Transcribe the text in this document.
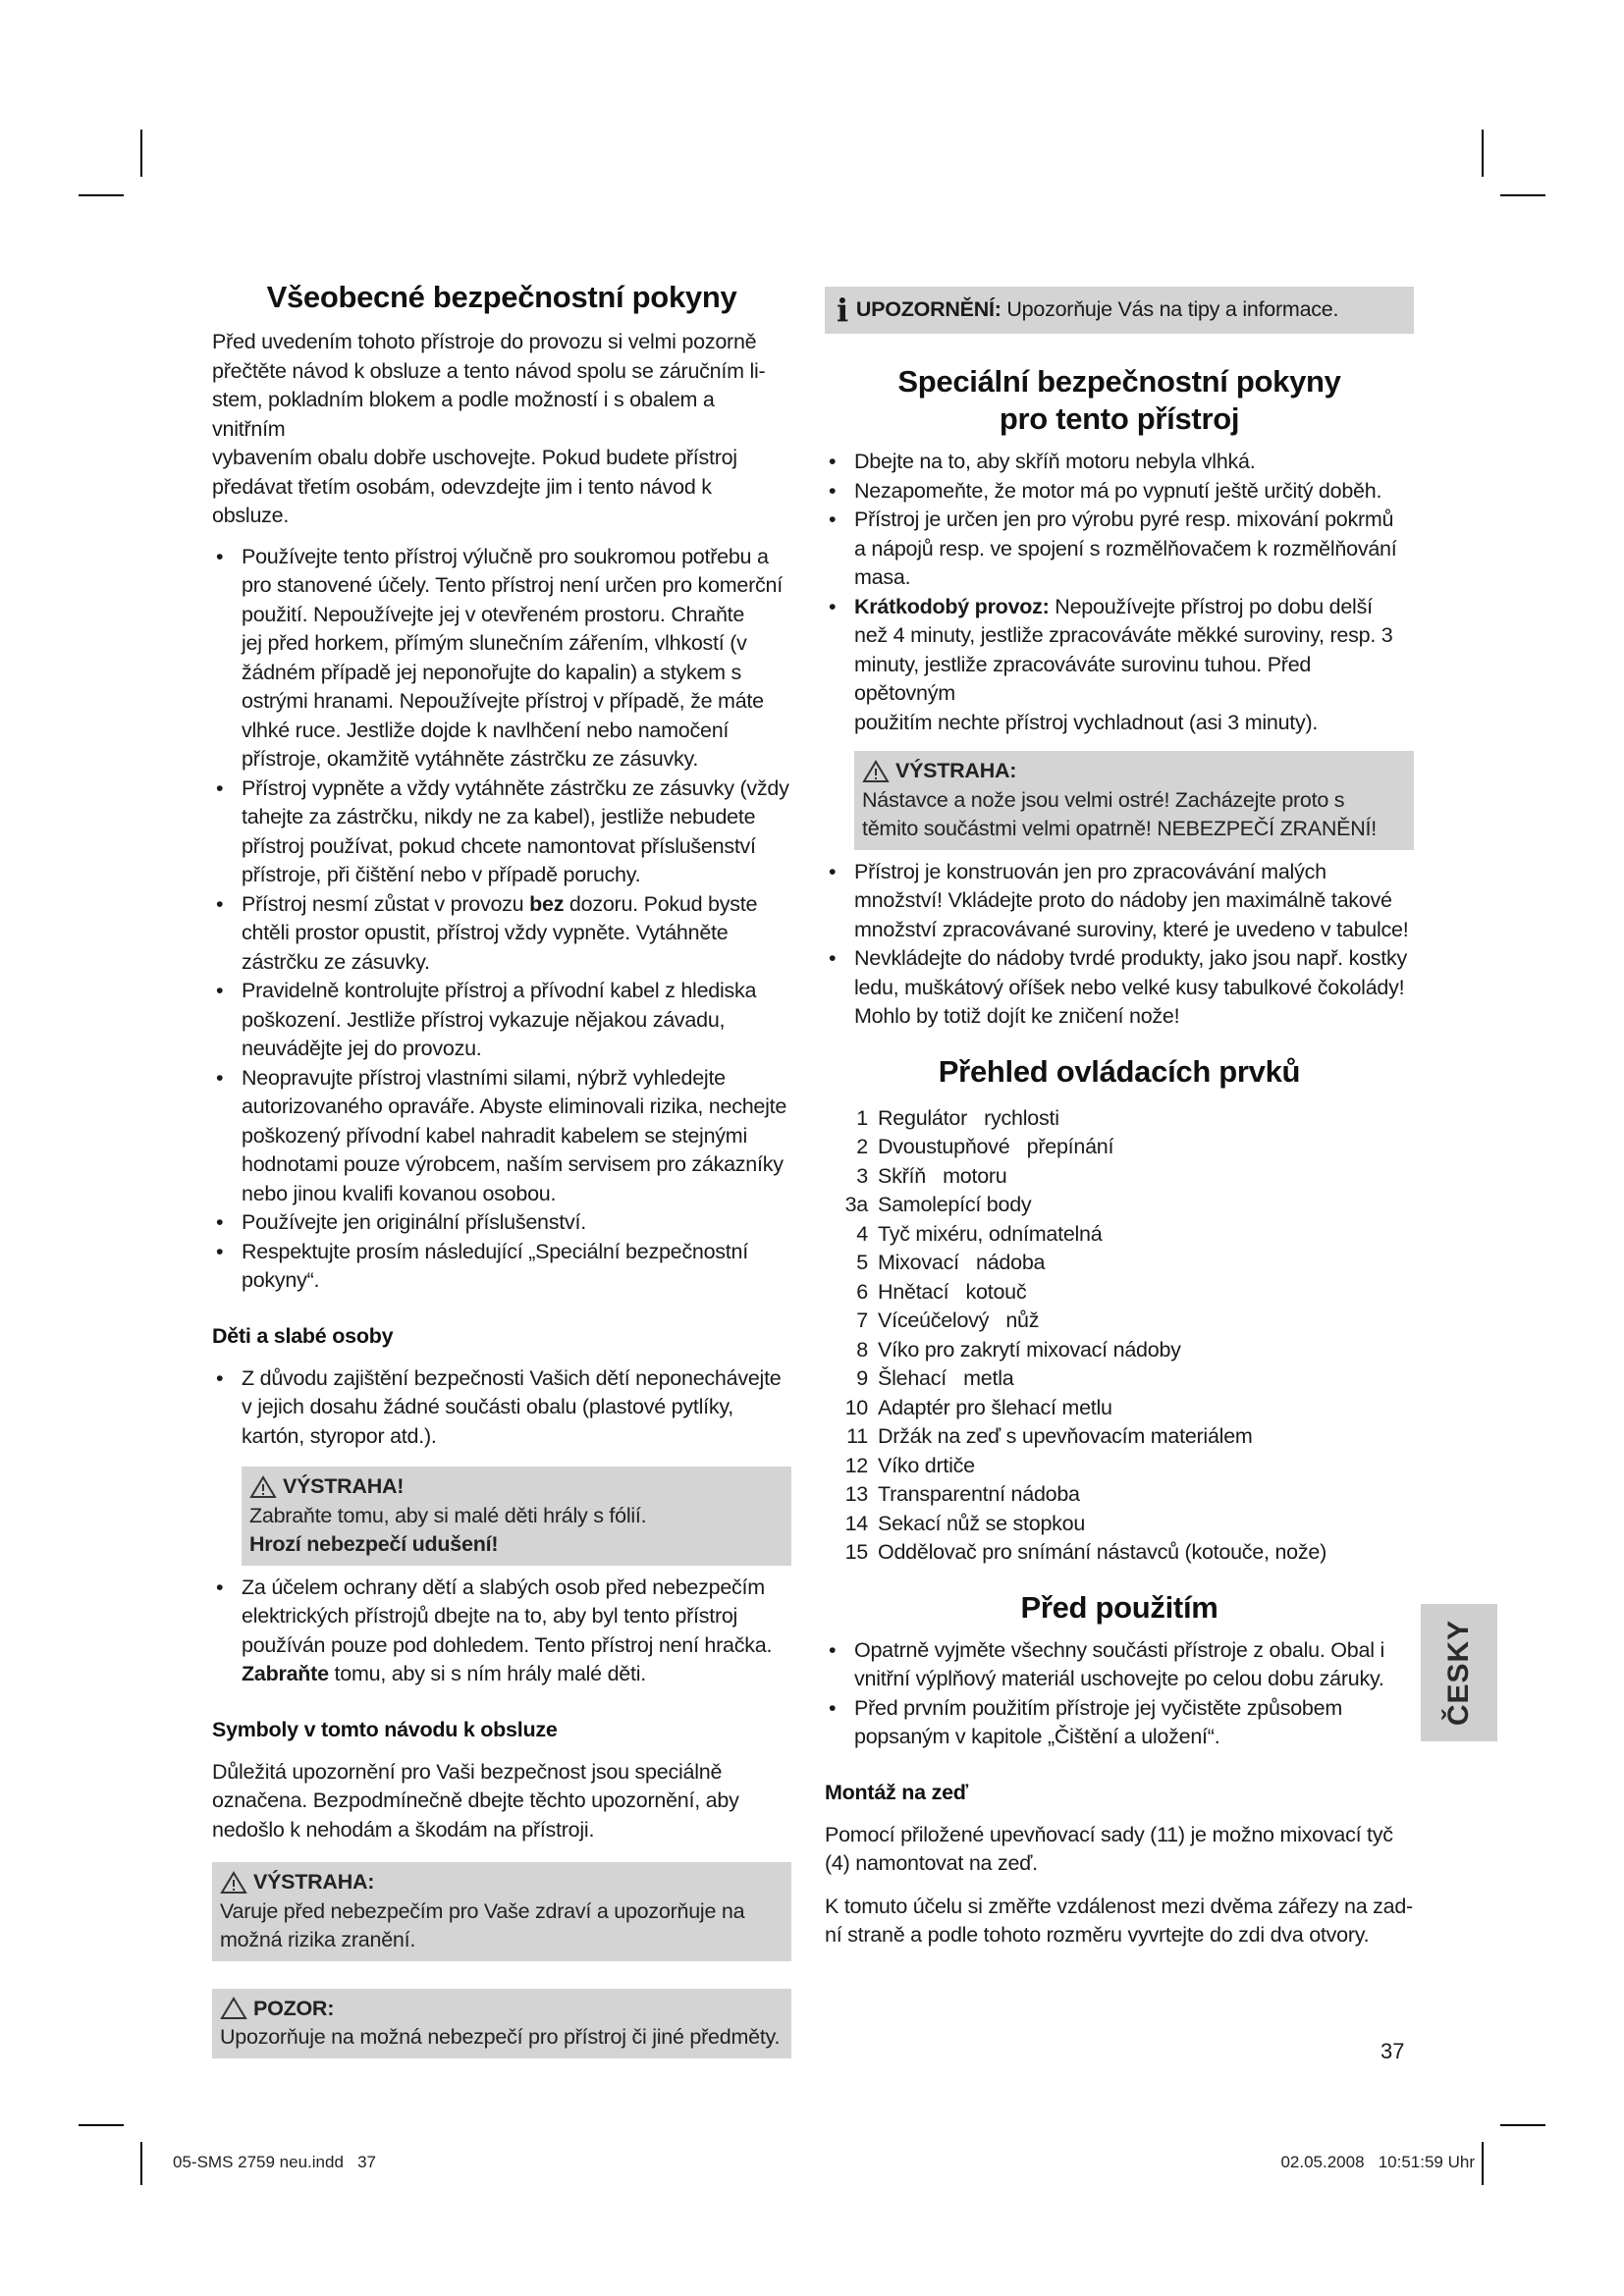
Všeobecné bezpečnostní pokyny

Před uvedením tohoto přístroje do provozu si velmi pozorně
přečtěte návod k obsluze a tento návod spolu se záručním li-
stem, pokladním blokem a podle možností i s obalem a vnitřním
vybavením obalu dobře uschovejte. Pokud budete přístroj
předávat třetím osobám, odevzdejte jim i tento návod k obsluze.

• Používejte tento přístroj výlučně pro soukromou potřebu a
pro stanovené účely. Tento přístroj není určen pro komerční
použití. Nepoužívejte jej v otevřeném prostoru. Chraňte
jej před horkem, přímým slunečním zářením, vlhkostí (v
žádném případě jej neponořujte do kapalin) a stykem s
ostrými hranami. Nepoužívejte přístroj v případě, že máte
vlhké ruce. Jestliže dojde k navlhčení nebo namočení
přístroje, okamžitě vytáhněte zástrčku ze zásuvky.
• Přístroj vypněte a vždy vytáhněte zástrčku ze zásuvky (vždy
tahejte za zástrčku, nikdy ne za kabel), jestliže nebudete
přístroj používat, pokud chcete namontovat příslušenství
přístroje, při čištění nebo v případě poruchy.
• Přístroj nesmí zůstat v provozu bez dozoru. Pokud byste
chtěli prostor opustit, přístroj vždy vypněte. Vytáhněte
zástrčku ze zásuvky.
• Pravidelně kontrolujte přístroj a přívodní kabel z hlediska
poškození. Jestliže přístroj vykazuje nějakou závadu,
neuvádějte jej do provozu.
• Neopravujte přístroj vlastními silami, nýbrž vyhledejte
autorizovaného opraváře. Abyste eliminovali rizika, nechejte
poškozený přívodní kabel nahradit kabelem se stejnými
hodnotami pouze výrobcem, naším servisem pro zákazníky
nebo jinou kvalifi kovanou osobou.
• Používejte jen originální příslušenství.
• Respektujte prosím následující „Speciální bezpečnostní
pokyny“.
Děti a slabé osoby
• Z důvodu zajištění bezpečnosti Vašich dětí neponechávejte
v jejich dosahu žádné součásti obalu (plastové pytlíky,
kartón, styropor atd.).
VÝSTRAHA!
Zabraňte tomu, aby si malé děti hrály s fólií.
Hrozí nebezpečí udušení!
• Za účelem ochrany dětí a slabých osob před nebezpečím
elektrických přístrojů dbejte na to, aby byl tento přístroj
používán pouze pod dohledem. Tento přístroj není hračka.
Zabraňte tomu, aby si s ním hrály malé děti.
Symboly v tomto návodu k obsluze

Důležitá upozornění pro Vaši bezpečnost jsou speciálně
označena. Bezpodmínečně dbejte těchto upozornění, aby
nedošlo k nehodám a škodám na přístroji.

VÝSTRAHA:
Varuje před nebezpečím pro Vaše zdraví a upozorňuje na
možná rizika zranění.
POZOR:
Upozorňuje na možná nebezpečí pro přístroj či jiné předměty.
i UPOZORNĚNÍ: Upozorňuje Vás na tipy a informace.
Speciální bezpečnostní pokyny
pro tento přístroj
• Dbejte na to, aby skříň motoru nebyla vlhká.
• Nezapomeňte, že motor má po vypnutí ještě určitý doběh.
• Přístroj je určen jen pro výrobu pyré resp. mixování pokrmů
a nápojů resp. ve spojení s rozmělňovačem k rozmělňování
masa.
• Krátkodobý provoz: Nepoužívejte přístroj po dobu delší
než 4 minuty, jestliže zpracováváte měkké suroviny, resp. 3
minuty, jestliže zpracováváte surovinu tuhou. Před opětovným
použitím nechte přístroj vychladnout (asi 3 minuty).
VÝSTRAHA:
Nástavce a nože jsou velmi ostré! Zacházejte proto s
těmito součástmi velmi opatrně! NEBEZPEČÍ ZRANĚNÍ!
• Přístroj je konstruován jen pro zpracovávání malých
množství! Vkládejte proto do nádoby jen maximálně takové
množství zpracovávané suroviny, které je uvedeno v tabulce!
• Nevkládejte do nádoby tvrdé produkty, jako jsou např. kostky
ledu, muškátový oříšek nebo velké kusy tabulkové čokolády!
Mohlo by totiž dojít ke zničení nože!
Přehled ovládacích prvků
1 Regulátor   rychlosti
2 Dvoustupňové   přepínání
3 Skříň   motoru
3a Samolepící body
4 Tyč mixéru, odnímatelná
5 Mixovací   nádoba
6 Hnětací   kotouč
7 Víceúčelový   nůž
8 Víko pro zakrytí mixovací nádoby
9 Šlehací   metla
10 Adaptér pro šlehací metlu
11 Držák na zeď s upevňovacím materiálem
12 Víko drtiče
13 Transparentní nádoba
14 Sekací nůž se stopkou
15 Oddělovač pro snímání nástavců (kotouče, nože)
Před použitím
• Opatrně vyjměte všechny součásti přístroje z obalu. Obal i
vnitřní výplňový materiál uschovejte po celou dobu záruky.
• Před prvním použitím přístroje jej vyčistěte způsobem
popsaným v kapitole „Čištění a uložení“.
Montáž na zeď

Pomocí přiložené upevňovací sady (11) je možno mixovací tyč
(4) namontovat na zeď.

K tomuto účelu si změřte vzdálenost mezi dvěma zářezy na zad-
ní straně a podle tohoto rozměru vyvrtejte do zdi dva otvory.

ČESKY
37
05-SMS 2759 neu.indd   37	02.05.2008   10:51:59 Uhr
